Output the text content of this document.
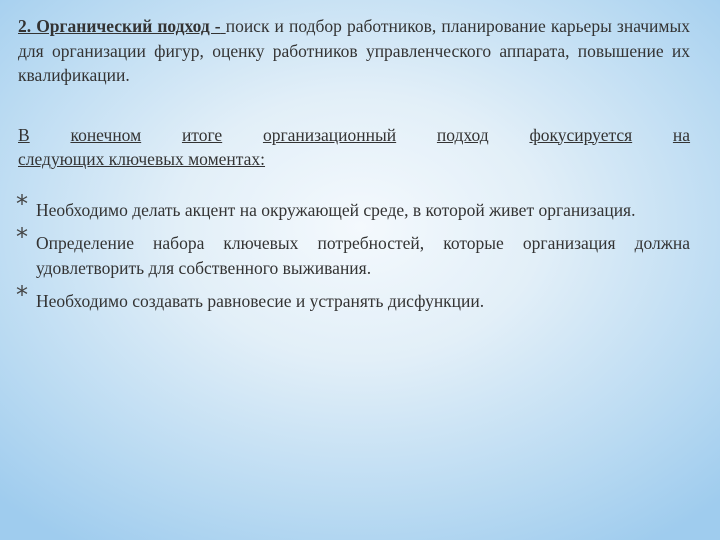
2. Органический подход - поиск и подбор работников, планирование карьеры значимых для организации фигур, оценку работников управленческого аппарата, повышение их квалификации.

В конечном итоге организационный подход фокусируется на

следующих ключевых моментах:

* Необходимо делать акцент на окружающей среде, в которой живет организация.
* Определение набора ключевых потребностей, которые организация должна удовлетворить для собственного выживания.
* Необходимо создавать равновесие и устранять дисфункции.
